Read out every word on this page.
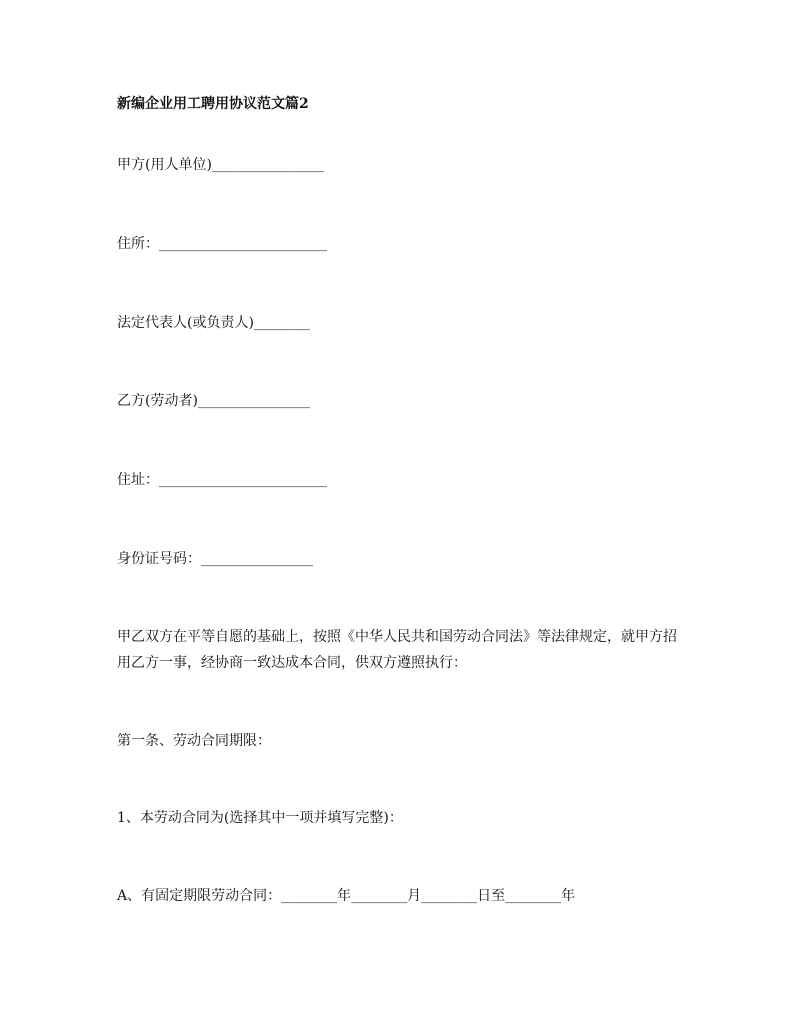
新编企业用工聘用协议范文篇2
甲方(用人单位)________________
住所：________________________
法定代表人(或负责人)________
乙方(劳动者)________________
住址：________________________
身份证号码：________________
甲乙双方在平等自愿的基础上，按照《中华人民共和国劳动合同法》等法律规定，就甲方招用乙方一事，经协商一致达成本合同，供双方遵照执行：
第一条、劳动合同期限：
1、本劳动合同为(选择其中一项并填写完整)：
A、有固定期限劳动合同：________年________月________日至________年
